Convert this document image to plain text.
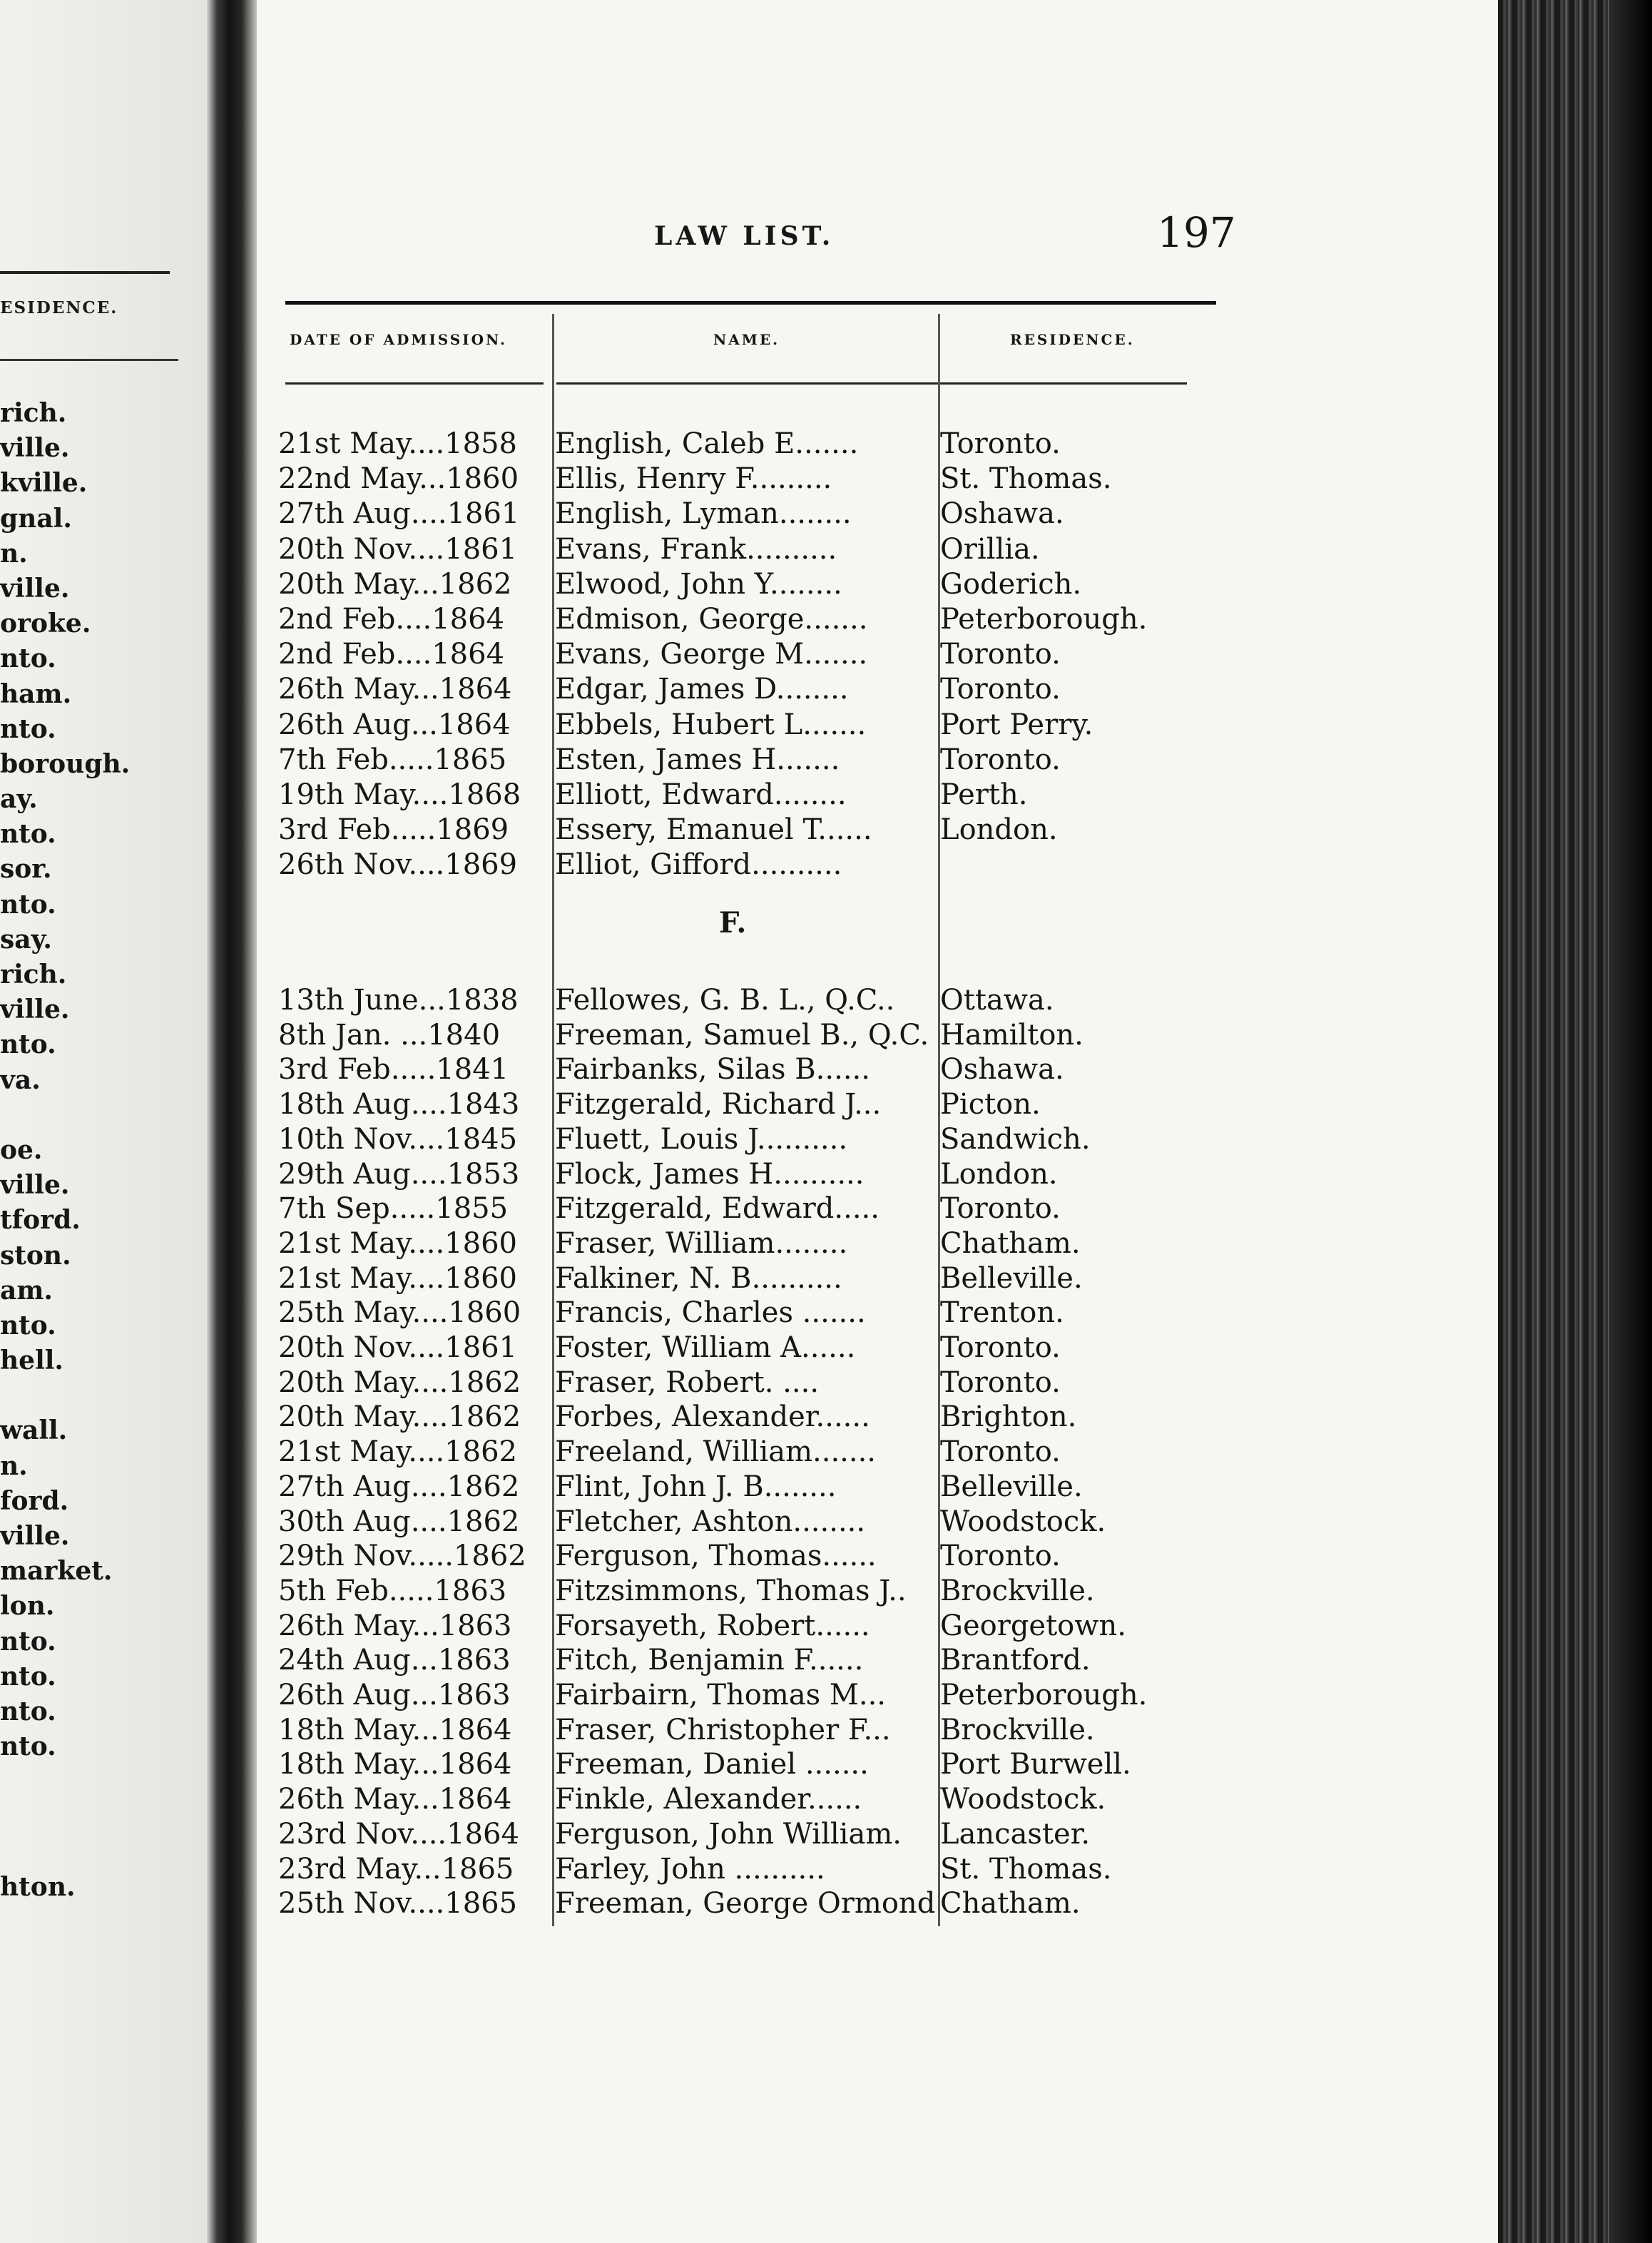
ESIDENCE.
rich.
ville.
kville.
gnal.
n.
ville.
oroke.
nto.
ham.
nto.
borough.
ay.
nto.
sor.
nto.
say.
rich.
ville.
nto.
va.
oe.
ville.
tford.
ston.
am.
nto.
hell.
wall.
n.
ford.
ville.
market.
lon.
nto.
nto.
nto.
nto.
hton.
LAW LIST.	197
DATE OF ADMISSION.	NAME.	RESIDENCE.
21st May....1858	English, Caleb E.......	Toronto.
22nd May...1860	Ellis, Henry F.........	St. Thomas.
27th Aug....1861	English, Lyman........	Oshawa.
20th Nov....1861	Evans, Frank..........	Orillia.
20th May...1862	Elwood, John Y........	Goderich.
2nd Feb....1864	Edmison, George.......	Peterborough.
2nd Feb....1864	Evans, George M.......	Toronto.
26th May...1864	Edgar, James D........	Toronto.
26th Aug...1864	Ebbels, Hubert L.......	Port Perry.
7th Feb.....1865	Esten, James H.......	Toronto.
19th May....1868	Elliott, Edward........	Perth.
3rd Feb.....1869	Essery, Emanuel T......	London.
26th Nov....1869	Elliot, Gifford..........
F.
13th June...1838	Fellowes, G. B. L., Q.C..	Ottawa.
8th Jan. ...1840	Freeman, Samuel B., Q.C. Hamilton.
3rd Feb.....1841	Fairbanks, Silas B......	Oshawa.
18th Aug....1843	Fitzgerald, Richard J...	Picton.
10th Nov....1845	Fluett, Louis J..........	Sandwich.
29th Aug....1853	Flock, James H..........	London.
7th Sep.....1855	Fitzgerald, Edward.....	Toronto.
21st May....1860	Fraser, William........	Chatham.
21st May....1860	Falkiner, N. B..........	Belleville.
25th May....1860	Francis, Charles .......	Trenton.
20th Nov....1861	Foster, William A......	Toronto.
20th May....1862	Fraser, Robert. ....	Toronto.
20th May....1862	Forbes, Alexander......	Brighton.
21st May....1862	Freeland, William.......	Toronto.
27th Aug....1862	Flint, John J. B........	Belleville.
30th Aug....1862	Fletcher, Ashton........	Woodstock.
29th Nov.....1862	Ferguson, Thomas......	Toronto.
5th Feb.....1863	Fitzsimmons, Thomas J..	Brockville.
26th May...1863	Forsayeth, Robert......	Georgetown.
24th Aug...1863	Fitch, Benjamin F......	Brantford.
26th Aug...1863	Fairbairn, Thomas M...	Peterborough.
18th May...1864	Fraser, Christopher F...	Brockville.
18th May...1864	Freeman, Daniel .......	Port Burwell.
26th May...1864	Finkle, Alexander......	Woodstock.
23rd Nov....1864	Ferguson, John William.	Lancaster.
23rd May...1865	Farley, John ..........	St. Thomas.
25th Nov....1865	Freeman, George Ormond Chatham.
